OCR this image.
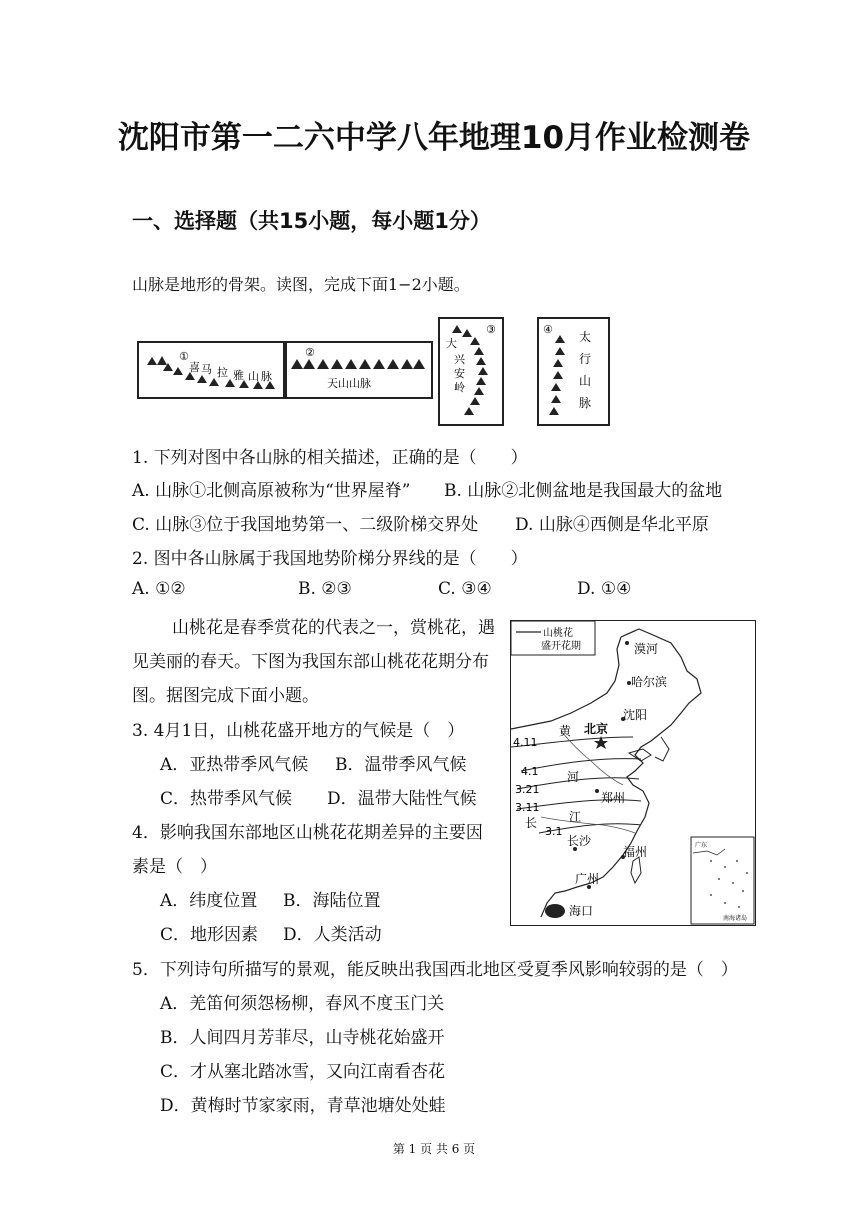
沈阳市第一二六中学八年地理10月作业检测卷
一、选择题（共15小题，每小题1分）
山脉是地形的骨架。读图，完成下面1−2小题。
①
喜 马 拉 雅 山 脉
②
天山山脉
③
大
兴
安
岭
④
太
行
山
脉
1. 下列对图中各山脉的相关描述，正确的是（　　）
A. 山脉①北侧高原被称为“世界屋脊” B. 山脉②北侧盆地是我国最大的盆地
C. 山脉③位于我国地势第一、二级阶梯交界处 D. 山脉④西侧是华北平原
2. 图中各山脉属于我国地势阶梯分界线的是（　　）
A. ①②	B. ②③	C. ③④	D. ①④
山桃花是春季赏花的代表之一，赏桃花，遇
见美丽的春天。下图为我国东部山桃花花期分布
图。据图完成下面小题。
3. 4月1日，山桃花盛开地方的气候是（　）
A．亚热带季风气候 B．温带季风气候
C．热带季风气候 D．温带大陆性气候
4．影响我国东部地区山桃花花期差异的主要因
素是（　）
A．纬度位置 B．海陆位置
C．地形因素 D．人类活动
山桃花
盛开花期	漠河
哈尔滨
沈阳
北京
郑州
长沙
福州
广州
海口
黄
河
长	江
4.11
4.1
3.21
3.11
3.1
广东
南海诸岛
5．下列诗句所描写的景观，能反映出我国西北地区受夏季风影响较弱的是（　）
A．羌笛何须怨杨柳，春风不度玉门关
B．人间四月芳菲尽，山寺桃花始盛开
C．才从塞北踏冰雪，又向江南看杏花
D．黄梅时节家家雨，青草池塘处处蛙
第 1 页 共 6 页
